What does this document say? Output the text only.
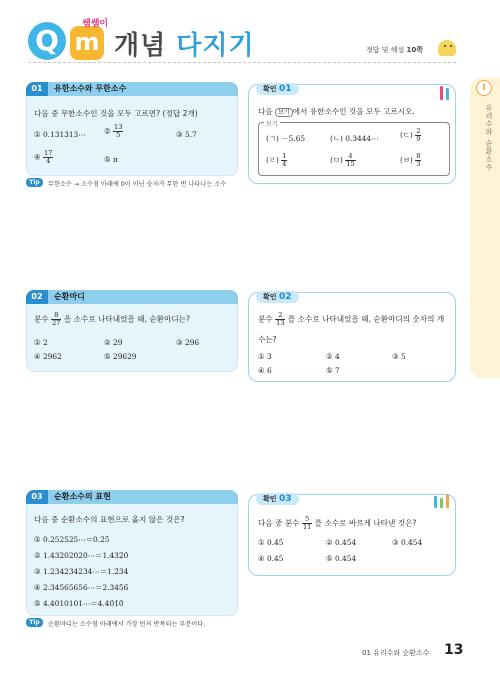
Q m
쌤쌤이
개념 다지기	정답 및 해설 10쪽
I
유리수와 순환소수
01	유한소수와 무한소수
다음 중 무한소수인 것을 모두 고르면? (정답 2개)
① 0.131313⋯ ② $\frac{13}{5}$	③ 5.7
④ $\frac{17}{4}$	⑤ π
Tip	무한소수 → 소수점 아래에 0이 아닌 숫자가 무한 번 나타나는 소수
확인 01
다음 보기 에서 유한소수인 것을 모두 고르시오.
보기
(ㄱ) －5.65	(ㄴ) 0.3444⋯	(ㄷ) $\frac{2}{9}$
(ㄹ) $\frac{1}{4}$	(ㅁ) $\frac{4}{15}$	(ㅂ) $\frac{8}{3}$
02	순환마디
분수 $\frac{8}{27}$ 을 소수로 나타내었을 때, 순환마디는?
① 2	② 29	③ 296
④ 2962	⑤ 29629
확인 02
분수 $\frac{2}{13}$ 를 소수로 나타내었을 때, 순환마디의 숫자의 개
수는?
① 3	② 4	③ 5
④ 6	⑤ 7
03	순환소수의 표현
다음 중 순환소수의 표현으로 옳지 않은 것은?
① 0.252525⋯＝0.2̇5̇
② 1.43202020⋯＝1.432̇0̇
③ 1.234234234⋯＝1.2̇34̇
④ 2.34565656⋯＝2.345̇6̇
⑤ 4.4010101⋯＝4.40̇1̇0̇
Tip	순환마디는 소수점 아래에서 가장 먼저 반복되는 부분이다.
확인 03
다음 중 분수 $\frac{5}{11}$ 를 소수로 바르게 나타낸 것은?
① 0.4̇5̇	② 0.45̇4̇	③ 0.4̇54̇
④ 0.45	⑤ 0.454
01 유리수와 순환소수 13
